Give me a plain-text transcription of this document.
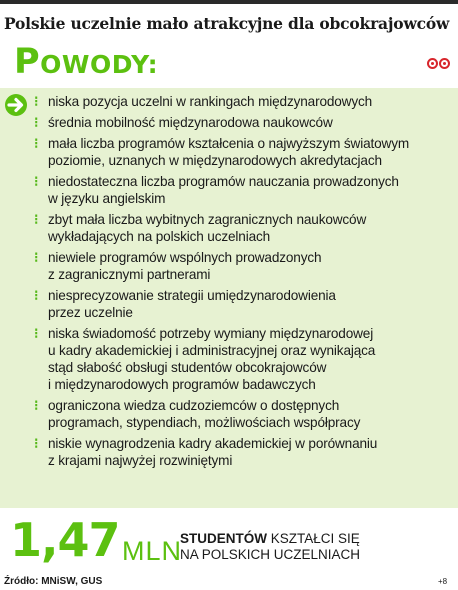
Polskie uczelnie mało atrakcyjne dla obcokrajowców
POWODY:
⁝ niska pozycja uczelni w rankingach międzynarodowych
⁝ średnia mobilność międzynarodowa naukowców
⁝ mała liczba programów kształcenia o najwyższym światowym
poziomie, uznanych w międzynarodowych akredytacjach
⁝ niedostateczna liczba programów nauczania prowadzonych
w języku angielskim
⁝ zbyt mała liczba wybitnych zagranicznych naukowców
wykładających na polskich uczelniach
⁝ niewiele programów wspólnych prowadzonych
z zagranicznymi partnerami
⁝ niesprecyzowanie strategii umiędzynarodowienia
przez uczelnie
⁝ niska świadomość potrzeby wymiany międzynarodowej
u kadry akademickiej i administracyjnej oraz wynikająca
stąd słabość obsługi studentów obcokrajowców
i międzynarodowych programów badawczych
⁝ ograniczona wiedza cudzoziemców o dostępnych
programach, stypendiach, możliwościach współpracy
⁝ niskie wynagrodzenia kadry akademickiej w porównaniu
z krajami najwyżej rozwiniętymi
1,47 MLN
STUDENTÓW KSZTAŁCI SIĘ
NA POLSKICH UCZELNIACH
Źródło: MNiSW, GUS	+8
